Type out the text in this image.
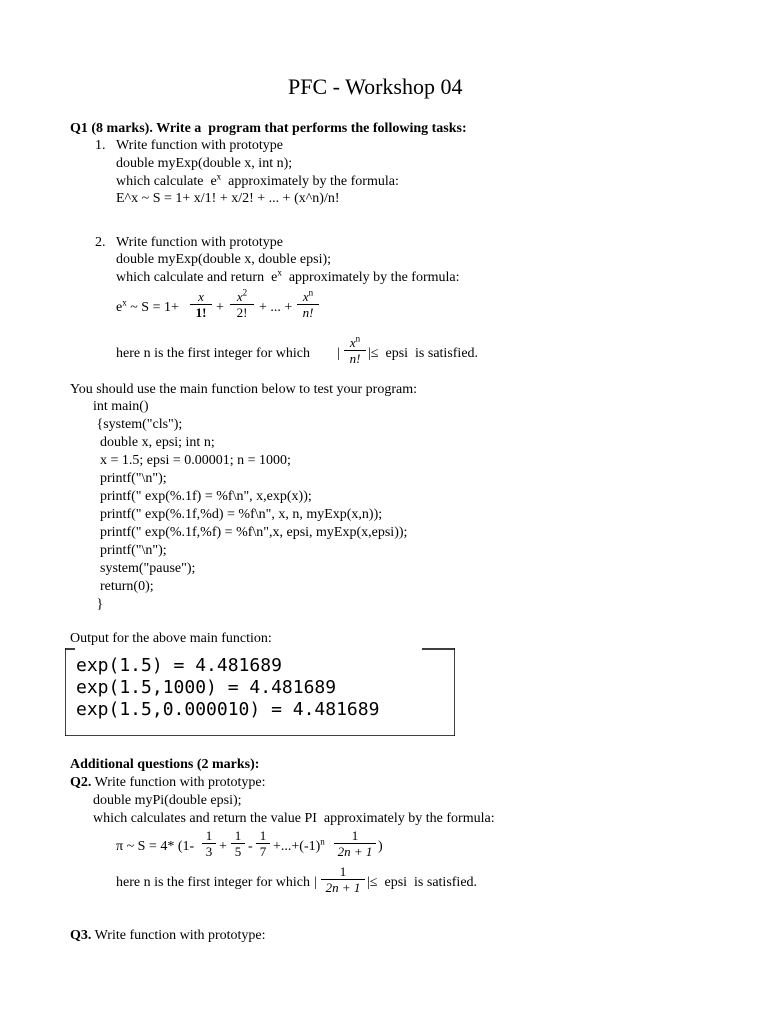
PFC - Workshop 04
Q1 (8 marks). Write a  program that performs the following tasks:
1. Write function with prototype
double myExp(double x, int n);
which calculate  $e^x$ approximately by the formula:
E^x ~ S = 1+ x/1! + x/2! + ... + (x^n)/n!
2. Write function with prototype
double myExp(double x, double epsi);
which calculate and return  $e^x$ approximately by the formula:
$e^x$ ~ S = 1+
x
1! +
$x^2$
2! + ... +
$x^n$
n!
here n is the first integer for which |
$x^n$
n! |≤  epsi  is satisfied.
You should use the main function below to test your program:
int main()
{system("cls");
double x, epsi; int n;
x = 1.5; epsi = 0.00001; n = 1000;
printf("\n");
printf(" exp(%.1f) = %f\n", x,exp(x));
printf(" exp(%.1f,%d) = %f\n", x, n, myExp(x,n));
printf(" exp(%.1f,%f) = %f\n",x, epsi, myExp(x,epsi));
printf("\n");
system("pause");
return(0);
}
Output for the above main function:
exp(1.5) = 4.481689
exp(1.5,1000) = 4.481689
exp(1.5,0.000010) = 4.481689
Additional questions (2 marks):
Q2. Write function with prototype:
double myPi(double epsi);
which calculates and return the value PI  approximately by the formula:
π ~ S = 4* (1-
1
3 +
1
5 -
1
$7 +...+(-1)^n$	1
2n + 1 )
here n is the first integer for which |
1
2n + 1 |≤  epsi  is satisfied.
Q3. Write function with prototype:
